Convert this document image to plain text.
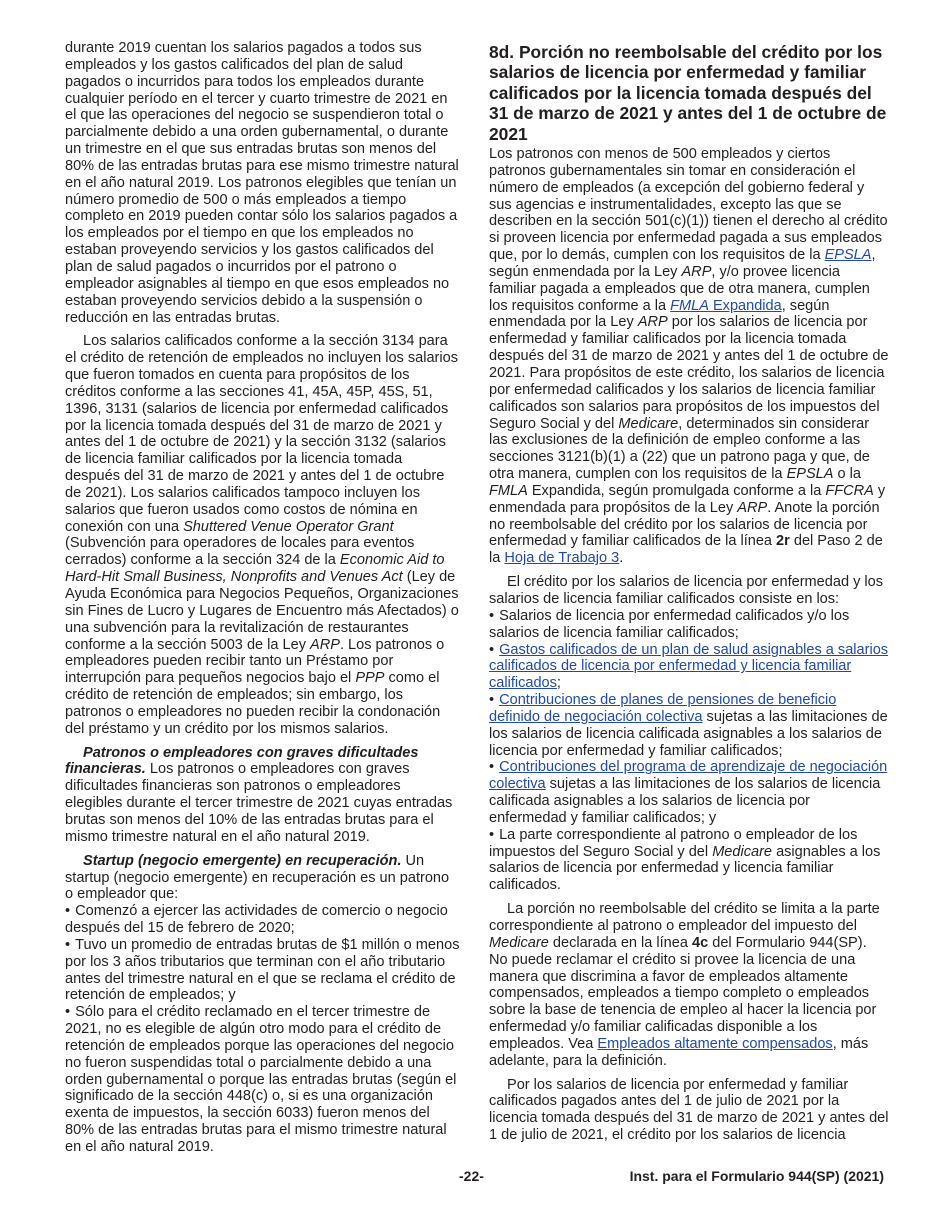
durante 2019 cuentan los salarios pagados a todos sus empleados y los gastos calificados del plan de salud pagados o incurridos para todos los empleados durante cualquier período en el tercer y cuarto trimestre de 2021 en el que las operaciones del negocio se suspendieron total o parcialmente debido a una orden gubernamental, o durante un trimestre en el que sus entradas brutas son menos del 80% de las entradas brutas para ese mismo trimestre natural en el año natural 2019. Los patronos elegibles que tenían un número promedio de 500 o más empleados a tiempo completo en 2019 pueden contar sólo los salarios pagados a los empleados por el tiempo en que los empleados no estaban proveyendo servicios y los gastos calificados del plan de salud pagados o incurridos por el patrono o empleador asignables al tiempo en que esos empleados no estaban proveyendo servicios debido a la suspensión o reducción en las entradas brutas.

Los salarios calificados conforme a la sección 3134 para el crédito de retención de empleados no incluyen los salarios que fueron tomados en cuenta para propósitos de los créditos conforme a las secciones 41, 45A, 45P, 45S, 51, 1396, 3131 (salarios de licencia por enfermedad calificados por la licencia tomada después del 31 de marzo de 2021 y antes del 1 de octubre de 2021) y la sección 3132 (salarios de licencia familiar calificados por la licencia tomada después del 31 de marzo de 2021 y antes del 1 de octubre de 2021). Los salarios calificados tampoco incluyen los salarios que fueron usados como costos de nómina en conexión con una Shuttered Venue Operator Grant (Subvención para operadores de locales para eventos cerrados) conforme a la sección 324 de la Economic Aid to Hard-Hit Small Business, Nonprofits and Venues Act (Ley de Ayuda Económica para Negocios Pequeños, Organizaciones sin Fines de Lucro y Lugares de Encuentro más Afectados) o una subvención para la revitalización de restaurantes conforme a la sección 5003 de la Ley ARP. Los patronos o empleadores pueden recibir tanto un Préstamo por interrupción para pequeños negocios bajo el PPP como el crédito de retención de empleados; sin embargo, los patronos o empleadores no pueden recibir la condonación del préstamo y un crédito por los mismos salarios.

Patronos o empleadores con graves dificultades financieras. Los patronos o empleadores con graves dificultades financieras son patronos o empleadores elegibles durante el tercer trimestre de 2021 cuyas entradas brutas son menos del 10% de las entradas brutas para el mismo trimestre natural en el año natural 2019.

Startup (negocio emergente) en recuperación. Un startup (negocio emergente) en recuperación es un patrono o empleador que:

• Comenzó a ejercer las actividades de comercio o negocio después del 15 de febrero de 2020;
• Tuvo un promedio de entradas brutas de $1 millón o menos por los 3 años tributarios que terminan con el año tributario antes del trimestre natural en el que se reclama el crédito de retención de empleados; y
• Sólo para el crédito reclamado en el tercer trimestre de 2021, no es elegible de algún otro modo para el crédito de retención de empleados porque las operaciones del negocio no fueron suspendidas total o parcialmente debido a una orden gubernamental o porque las entradas brutas (según el significado de la sección 448(c) o, si es una organización exenta de impuestos, la sección 6033) fueron menos del 80% de las entradas brutas para el mismo trimestre natural en el año natural 2019.
8d. Porción no reembolsable del crédito por los salarios de licencia por enfermedad y familiar calificados por la licencia tomada después del 31 de marzo de 2021 y antes del 1 de octubre de 2021

Los patronos con menos de 500 empleados y ciertos patronos gubernamentales sin tomar en consideración el número de empleados (a excepción del gobierno federal y sus agencias e instrumentalidades, excepto las que se describen en la sección 501(c)(1)) tienen el derecho al crédito si proveen licencia por enfermedad pagada a sus empleados que, por lo demás, cumplen con los requisitos de la EPSLA, según enmendada por la Ley ARP, y/o provee licencia familiar pagada a empleados que de otra manera, cumplen los requisitos conforme a la FMLA Expandida, según enmendada por la Ley ARP por los salarios de licencia por enfermedad y familiar calificados por la licencia tomada después del 31 de marzo de 2021 y antes del 1 de octubre de 2021. Para propósitos de este crédito, los salarios de licencia por enfermedad calificados y los salarios de licencia familiar calificados son salarios para propósitos de los impuestos del Seguro Social y del Medicare, determinados sin considerar las exclusiones de la definición de empleo conforme a las secciones 3121(b)(1) a (22) que un patrono paga y que, de otra manera, cumplen con los requisitos de la EPSLA o la FMLA Expandida, según promulgada conforme a la FFCRA y enmendada para propósitos de la Ley ARP. Anote la porción no reembolsable del crédito por los salarios de licencia por enfermedad y familiar calificados de la línea 2r del Paso 2 de la Hoja de Trabajo 3.

El crédito por los salarios de licencia por enfermedad y los salarios de licencia familiar calificados consiste en los:

• Salarios de licencia por enfermedad calificados y/o los salarios de licencia familiar calificados;
• Gastos calificados de un plan de salud asignables a salarios calificados de licencia por enfermedad y licencia familiar calificados;
• Contribuciones de planes de pensiones de beneficio definido de negociación colectiva sujetas a las limitaciones de los salarios de licencia calificada asignables a los salarios de licencia por enfermedad y familiar calificados;
• Contribuciones del programa de aprendizaje de negociación colectiva sujetas a las limitaciones de los salarios de licencia calificada asignables a los salarios de licencia por enfermedad y familiar calificados; y
• La parte correspondiente al patrono o empleador de los impuestos del Seguro Social y del Medicare asignables a los salarios de licencia por enfermedad y licencia familiar calificados.

La porción no reembolsable del crédito se limita a la parte correspondiente al patrono o empleador del impuesto del Medicare declarada en la línea 4c del Formulario 944(SP). No puede reclamar el crédito si provee la licencia de una manera que discrimina a favor de empleados altamente compensados, empleados a tiempo completo o empleados sobre la base de tenencia de empleo al hacer la licencia por enfermedad y/o familiar calificadas disponible a los empleados. Vea Empleados altamente compensados, más adelante, para la definición.

Por los salarios de licencia por enfermedad y familiar calificados pagados antes del 1 de julio de 2021 por la licencia tomada después del 31 de marzo de 2021 y antes del 1 de julio de 2021, el crédito por los salarios de licencia

-22-	Inst. para el Formulario 944(SP) (2021)
